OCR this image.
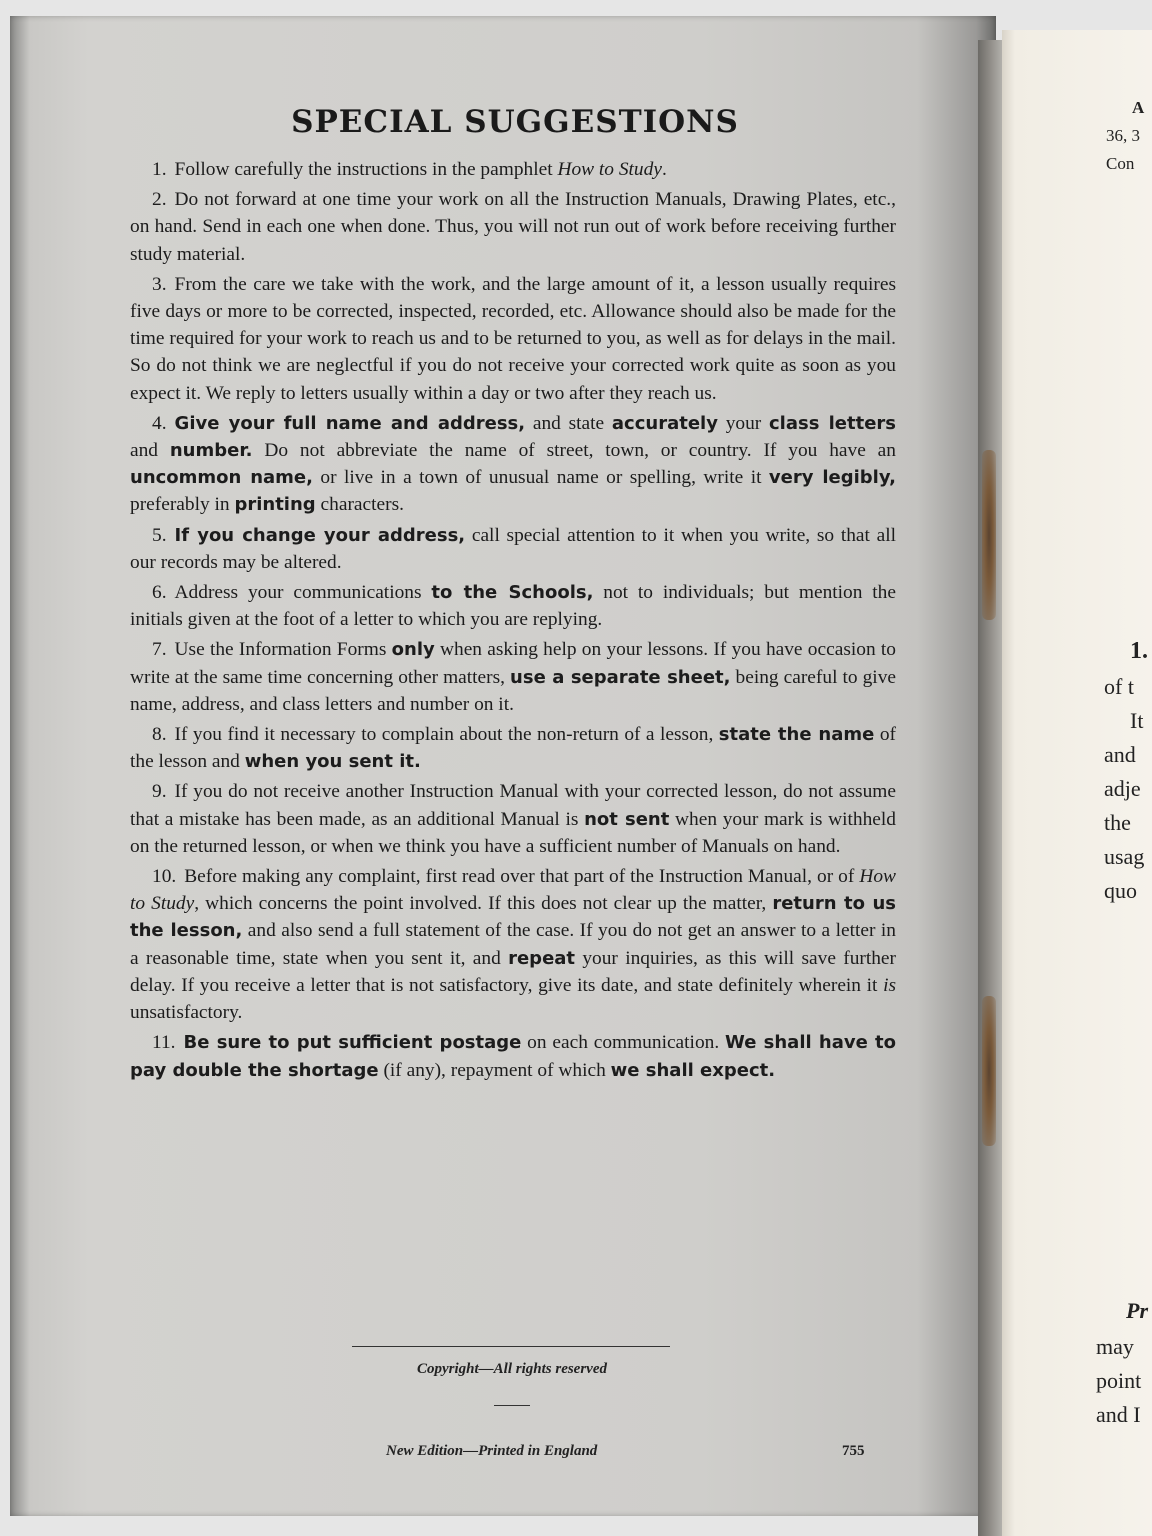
A
36, 3
Con
1.
of t
It
and
adje
the
usag
quo
Pr
may
point
and I
SPECIAL SUGGESTIONS
1. Follow carefully the instructions in the pamphlet How to Study.
2. Do not forward at one time your work on all the Instruction Manuals, Drawing Plates, etc., on hand. Send in each one when done. Thus, you will not run out of work before receiving further study material.
3. From the care we take with the work, and the large amount of it, a lesson usually requires five days or more to be corrected, inspected, recorded, etc. Allowance should also be made for the time required for your work to reach us and to be returned to you, as well as for delays in the mail. So do not think we are neglectful if you do not receive your corrected work quite as soon as you expect it. We reply to letters usually within a day or two after they reach us.
4. Give your full name and address, and state accurately your class letters and number. Do not abbreviate the name of street, town, or country. If you have an uncommon name, or live in a town of unusual name or spelling, write it very legibly, preferably in printing characters.
5. If you change your address, call special attention to it when you write, so that all our records may be altered.
6. Address your communications to the Schools, not to individuals; but mention the initials given at the foot of a letter to which you are replying.
7. Use the Information Forms only when asking help on your lessons. If you have occasion to write at the same time concerning other matters, use a separate sheet, being careful to give name, address, and class letters and number on it.
8. If you find it necessary to complain about the non-return of a lesson, state the name of the lesson and when you sent it.
9. If you do not receive another Instruction Manual with your corrected lesson, do not assume that a mistake has been made, as an additional Manual is not sent when your mark is withheld on the returned lesson, or when we think you have a sufficient number of Manuals on hand.
10. Before making any complaint, first read over that part of the Instruction Manual, or of How to Study, which concerns the point involved. If this does not clear up the matter, return to us the lesson, and also send a full statement of the case. If you do not get an answer to a letter in a reasonable time, state when you sent it, and repeat your inquiries, as this will save further delay. If you receive a letter that is not satisfactory, give its date, and state definitely wherein it is unsatisfactory.
11. Be sure to put sufficient postage on each communication. We shall have to pay double the shortage (if any), repayment of which we shall expect.

Copyright—All rights reserved

New Edition—Printed in England	755
